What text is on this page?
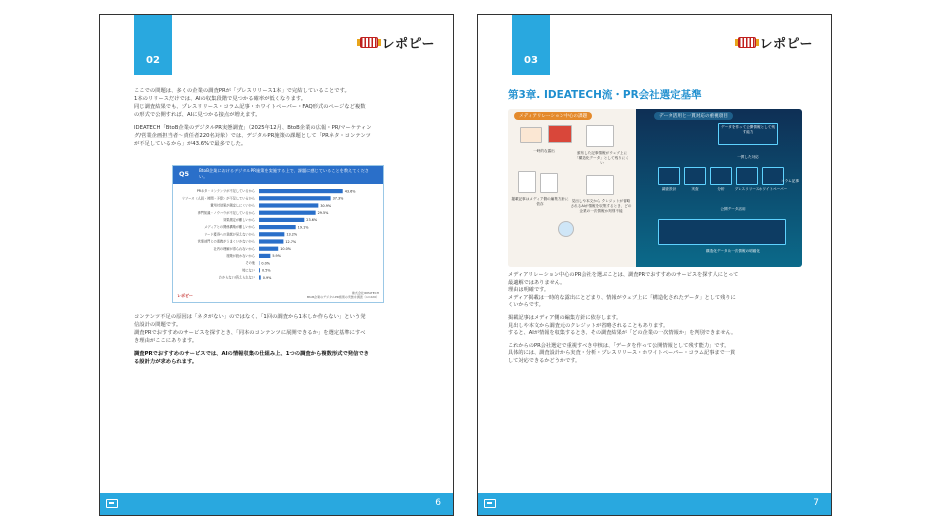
02
レポピー

ここでの問題は、多くの企業の調査PRが「プレスリリース1本」で完結していることです。
1本のリリースだけでは、AIの収集段階で見つかる確率が低くなります。
同じ調査結果でも、プレスリリース・コラム記事・ホワイトペーパー・FAQ形式のページなど複数
の形式で公開すれば、AIに見つかる接点が増えます。

IDEATECH「BtoB企業のデジタルPR実態調査」（2025年12月、BtoB企業の広報・PR/マーケティン
グ/営業企画担当者〜責任者220名対象）では、デジタルPR施策の課題として「PRネタ・コンテンツ
が不足しているから」が43.6%で最多でした。

Q5 BtoB企業におけるデジタルPR施策を実施する上で、課題に感じていることを教えてください。
PRネタ・コンテンツが不足しているから	43.6%
リソース（人員・時間・予算）が不足しているから	37.3%
費用対効果が測定しにくいから	30.9%
専門知識・ノウハウが不足しているから	29.5%
効果測定が難しいから	23.6%
メディアとの関係構築が難しいから	19.1%
リード獲得への貢献が見えないから	13.2%
営業部門との連携がうまくいかないから	12.7%
社内の理解が得られないから	10.0%
施策が続かないから	5.9%
その他 0.0%
特にない 0.5%
わからない/答えられない 0.9%
レポピー	株式会社IDEATECH
BtoB企業のデジタルPR施策の実態を調査（n=220）

コンテンツ不足の原因は「ネタがない」のではなく、「1回の調査から1本しか作らない」という発
信設計の問題です。
調査PRでおすすめのサービスを探すとき、「同本のコンテンツに展開できるか」を選定基準にすべ
き理由がここにあります。

調査PRでおすすめのサービスでは、AIの情報収集の仕組み上、1つの調査から複数形式で発信でき
る設計力が求められます。

6
03
レポピー
第3章. IDEATECH流・PR会社選定基準
メディアリレーション中心の課題	データ活用と一貫対応の重視項目
一時的な露出	頒布した記事情報がウェブ上に「構造化データ」として残りにくい
掲載記事はメディア側の編集方針に依存
見出しや本文から クレジットが省略されるAIが情報を収集するとき、どの企業の一次情報か判別不能
データを作って公開情報として残す能力
一貫した対応
調査設計	実査	分析	プレスリリース ホワイトペーパー
コラム記事
公開データ活用
構造化データ＆一次情報の明確化

メディアリレーション中心のPR会社を選ぶことは、調査PRでおすすめのサービスを探す人にとって
最適解ではありません。
理由は明確です。
メディア掲載は一時的な露出にとどまり、情報がウェブ上に「構造化されたデータ」として残りに
くいからです。

掲載記事はメディア側の編集方針に依存します。
見出しや本文から調査元のクレジットが省略されることもあります。
すると、AIが情報を収集するとき、その調査結果が「どの企業の一次情報か」を判別できません。

これからのPR会社選定で重視すべき中核は、「データを作って公開情報として残す能力」です。
具体的には、調査設計から実査・分析・プレスリリース・ホワイトペーパー・コラム記事まで一貫
して対応できるかどうかです。

7
